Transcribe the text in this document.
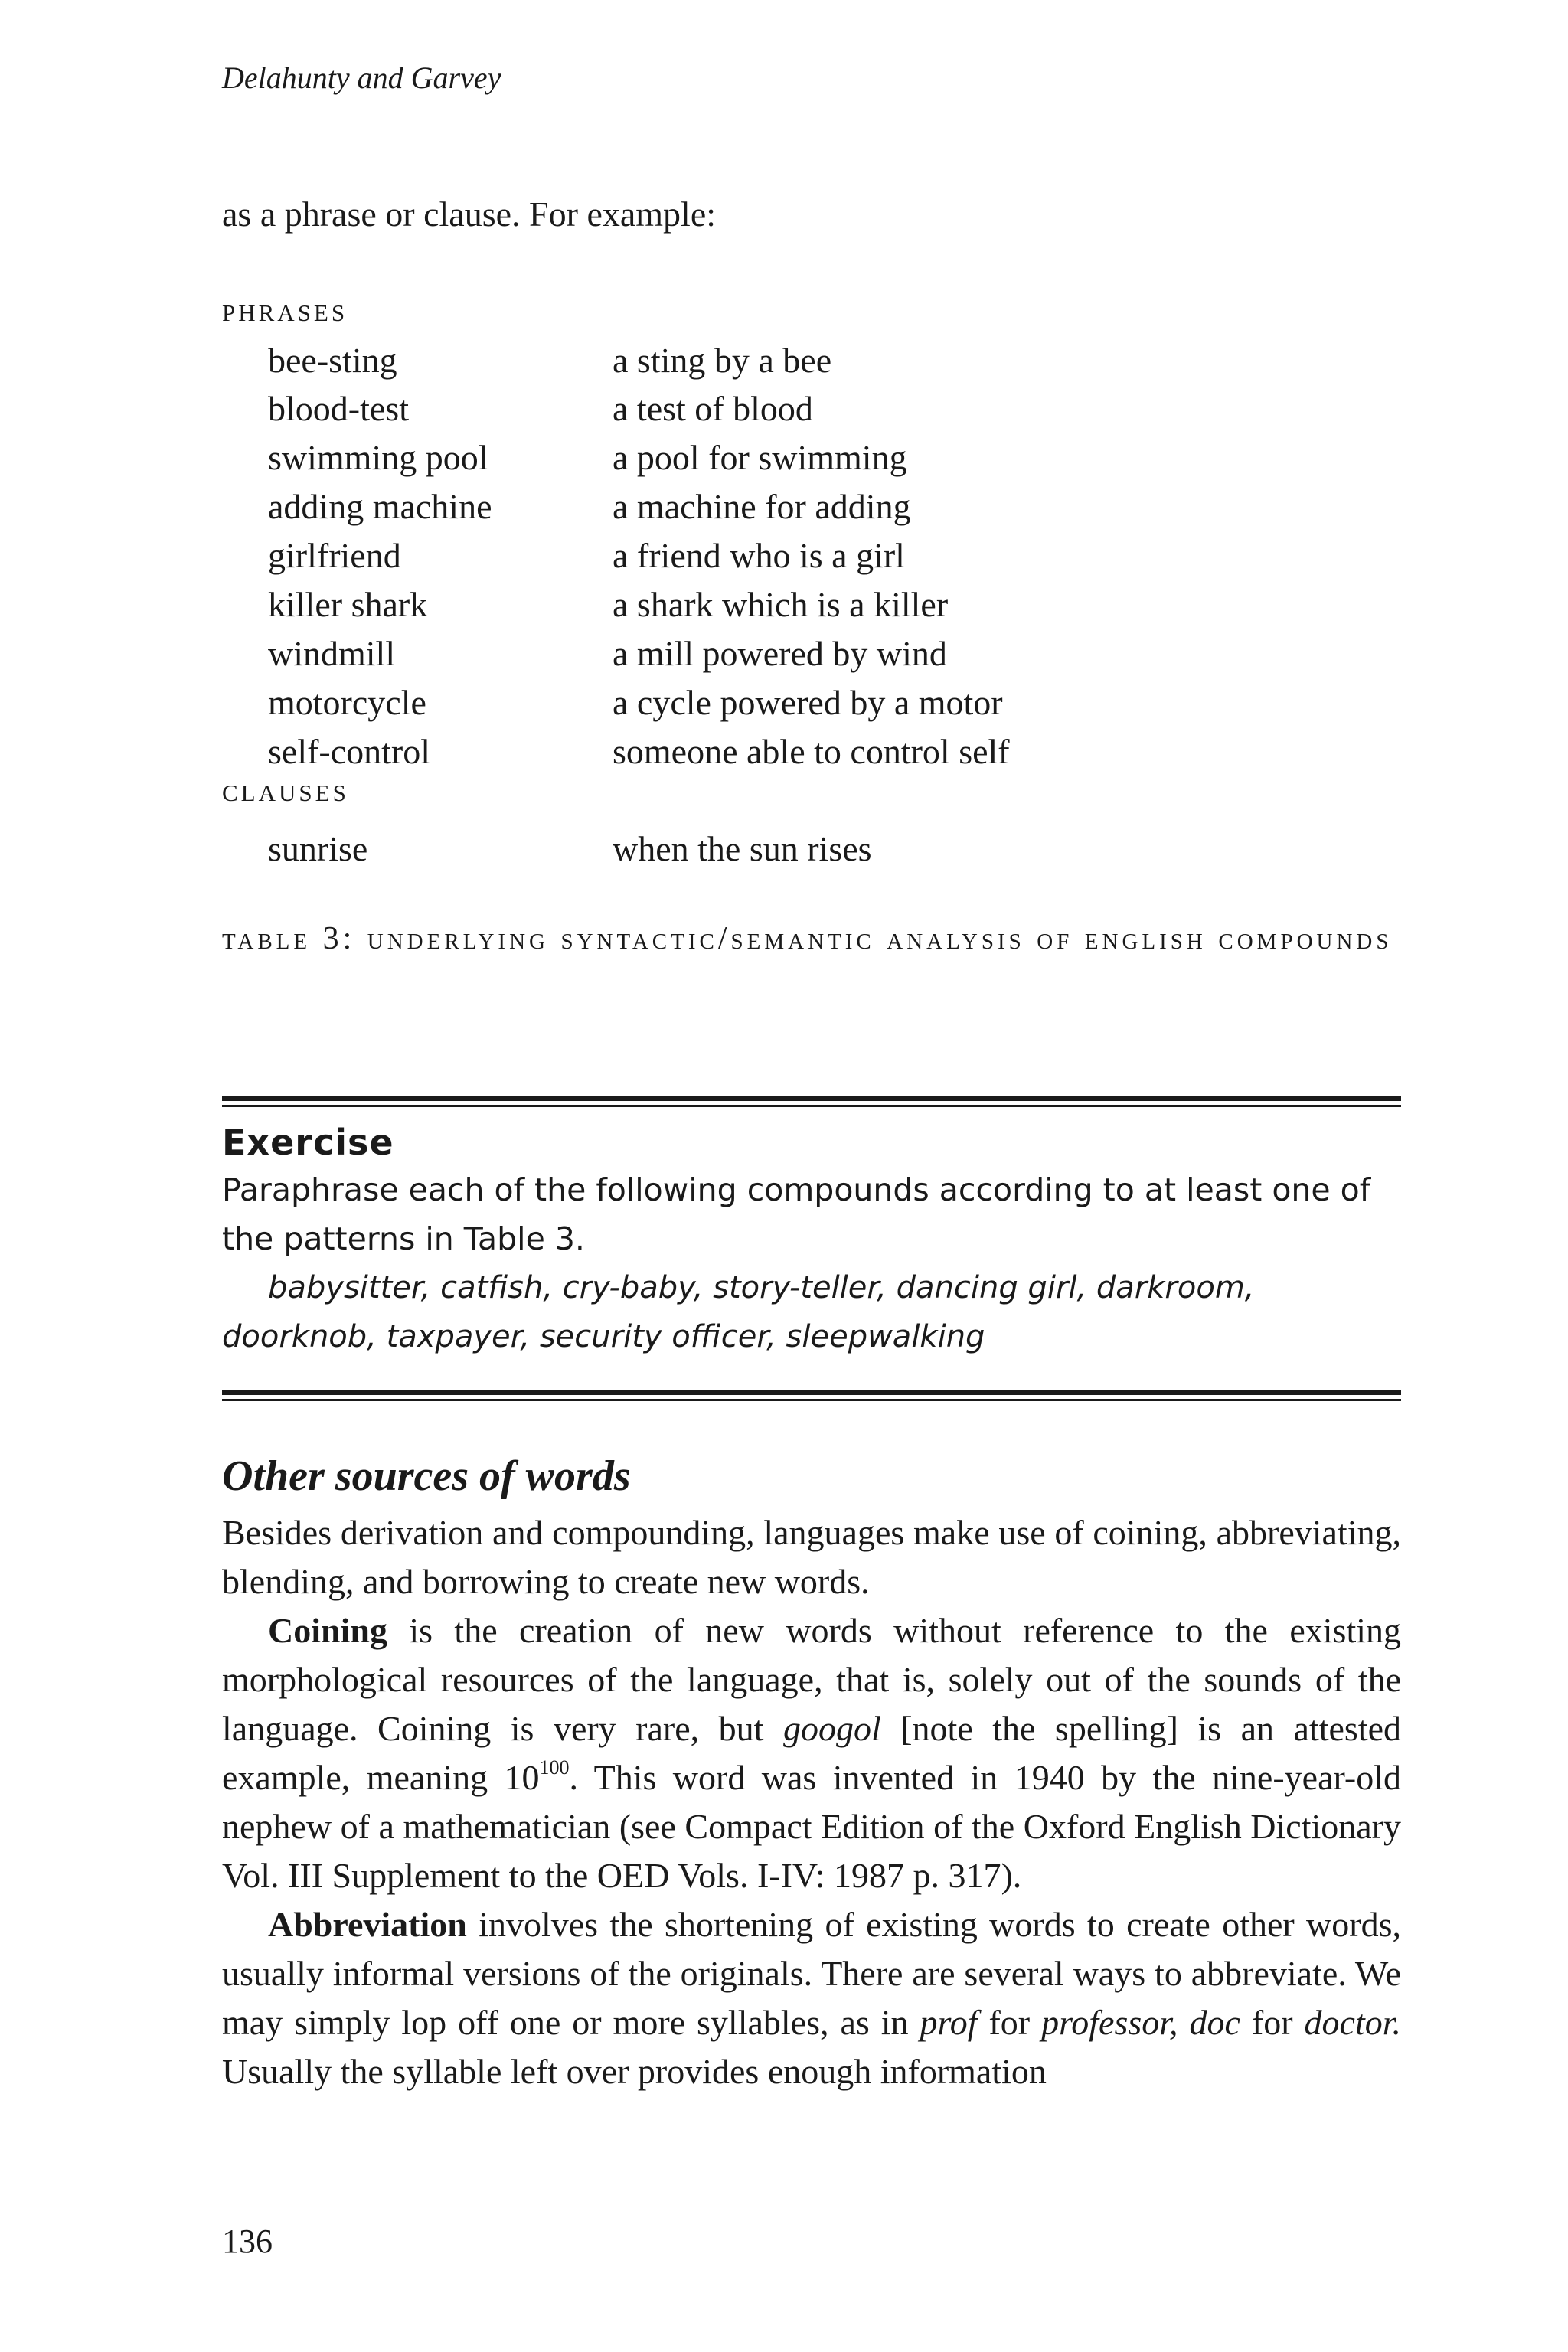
Delahunty and Garvey
as a phrase or clause. For example:
phrases
bee-sting	a sting by a bee
blood-test	a test of blood
swimming pool	a pool for swimming
adding machine	a machine for adding
girlfriend	a friend who is a girl
killer shark	a shark which is a killer
windmill	a mill powered by wind
motorcycle	a cycle powered by a motor
self-control	someone able to control self
sunrise	when the sun rises
clauses
table 3: underlying syntactic/semantic analysis of english compounds
Exercise

Paraphrase each of the following compounds according to at least one of the patterns in Table 3.

babysitter, catfish, cry-baby, story-teller, dancing girl, darkroom, doorknob, taxpayer, security officer, sleepwalking

Other sources of words

Besides derivation and compounding, languages make use of coining, abbreviating, blending, and borrowing to create new words.

Coining is the creation of new words without reference to the existing morphological resources of the language, that is, solely out of the sounds of the language. Coining is very rare, but googol [note the spelling] is an attested example, meaning $10^{100}$. This word was invented in 1940 by the nine-year-old nephew of a mathematician (see Compact Edition of the Oxford English Dictionary Vol. III Supplement to the OED Vols. I-IV: 1987 p. 317).

Abbreviation involves the shortening of existing words to create other words, usually informal versions of the originals. There are several ways to abbreviate. We may simply lop off one or more syllables, as in prof for professor, doc for doctor. Usually the syllable left over provides enough information

136
